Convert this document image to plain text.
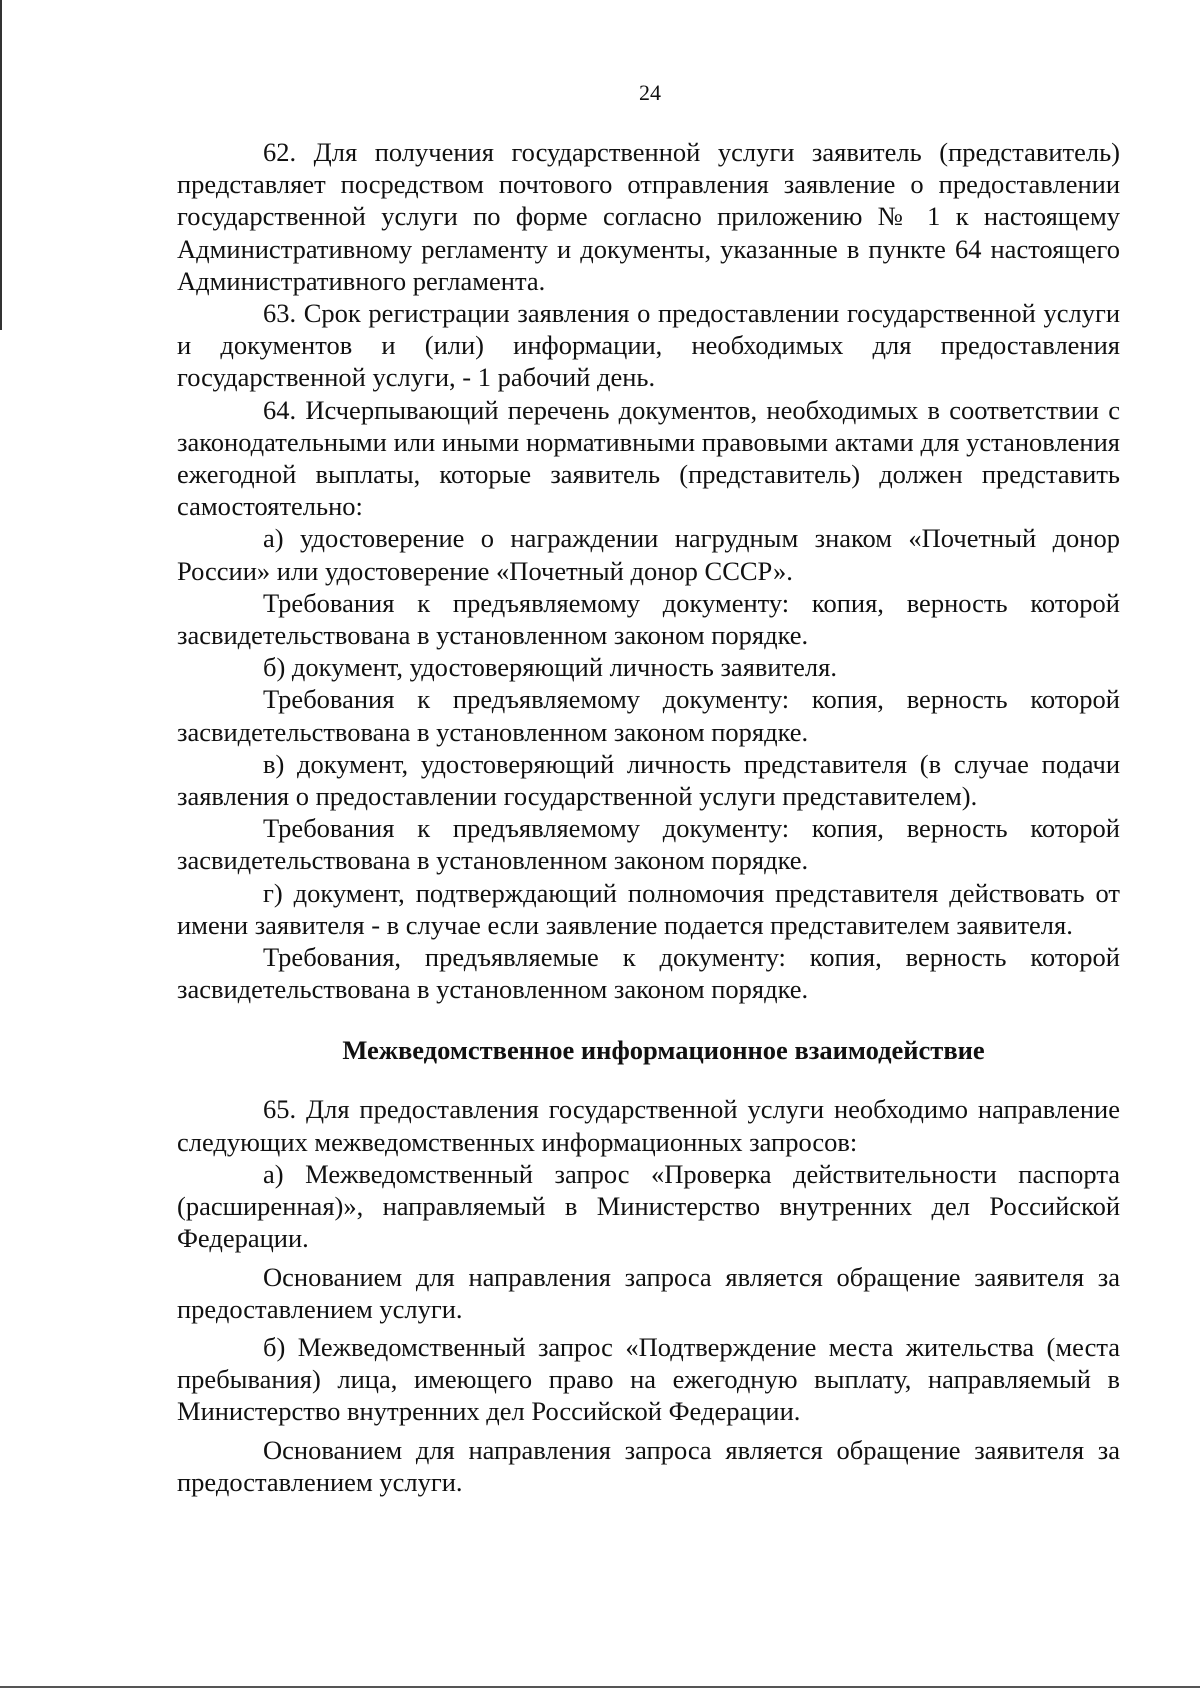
24

62. Для получения государственной услуги заявитель (представитель) представляет посредством почтового отправления заявление о предоставлении государственной услуги по форме согласно приложению № 1 к настоящему Административному регламенту и документы, указанные в пункте 64 настоящего Административного регламента.

63. Срок регистрации заявления о предоставлении государственной услуги и документов и (или) информации, необходимых для предоставления государственной услуги, - 1 рабочий день.

64. Исчерпывающий перечень документов, необходимых в соответствии с законодательными или иными нормативными правовыми актами для установления ежегодной выплаты, которые заявитель (представитель) должен представить самостоятельно:

а) удостоверение о награждении нагрудным знаком «Почетный донор России» или удостоверение «Почетный донор СССР».

Требования к предъявляемому документу: копия, верность которой засвидетельствована в установленном законом порядке.

б) документ, удостоверяющий личность заявителя.

Требования к предъявляемому документу: копия, верность которой засвидетельствована в установленном законом порядке.

в) документ, удостоверяющий личность представителя (в случае подачи заявления о предоставлении государственной услуги представителем).

Требования к предъявляемому документу: копия, верность которой засвидетельствована в установленном законом порядке.

г) документ, подтверждающий полномочия представителя действовать от имени заявителя - в случае если заявление подается представителем заявителя.

Требования, предъявляемые к документу: копия, верность которой засвидетельствована в установленном законом порядке.

Межведомственное информационное взаимодействие

65. Для предоставления государственной услуги необходимо направление следующих межведомственных информационных запросов:

а) Межведомственный запрос «Проверка действительности паспорта (расширенная)», направляемый в Министерство внутренних дел Российской Федерации.

Основанием для направления запроса является обращение заявителя за предоставлением услуги.

б) Межведомственный запрос «Подтверждение места жительства (места пребывания) лица, имеющего право на ежегодную выплату, направляемый в Министерство внутренних дел Российской Федерации.

Основанием для направления запроса является обращение заявителя за предоставлением услуги.
